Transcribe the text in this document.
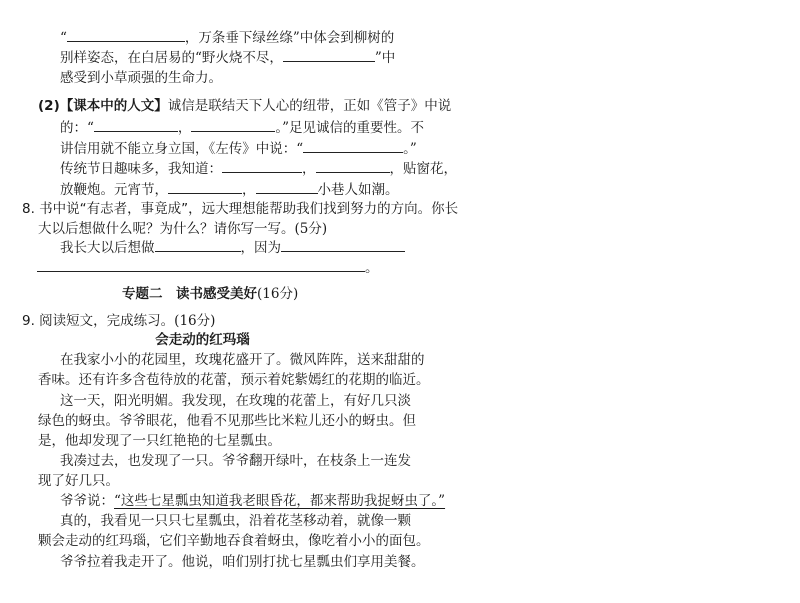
“	，万条垂下绿丝绦”中体会到柳树的
别样姿态，在白居易的“野火烧不尽，	”中
感受到小草顽强的生命力。
(2)【课本中的人文】诚信是联结天下人心的纽带，正如《管子》中说
的：“	，	。”足见诚信的重要性。不
讲信用就不能立身立国，《左传》中说：“	。”
传统节日趣味多，我知道：	，	，贴窗花，
放鞭炮。元宵节，	，	小巷人如潮。
8. 书中说“有志者，事竟成”，远大理想能帮助我们找到努力的方向。你长
大以后想做什么呢？为什么？请你写一写。(5分)
我长大以后想做	，因为
。
专题二　读书感受美好(16分)
9. 阅读短文，完成练习。(16分)
会走动的红玛瑙
在我家小小的花园里，玫瑰花盛开了。微风阵阵，送来甜甜的
香味。还有许多含苞待放的花蕾，预示着姹紫嫣红的花期的临近。
这一天，阳光明媚。我发现，在玫瑰的花蕾上，有好几只淡
绿色的蚜虫。爷爷眼花，他看不见那些比米粒儿还小的蚜虫。但
是，他却发现了一只红艳艳的七星瓢虫。
我凑过去，也发现了一只。爷爷翻开绿叶，在枝条上一连发
现了好几只。
爷爷说：“这些七星瓢虫知道我老眼昏花，都来帮助我捉蚜虫了。”
真的，我看见一只只七星瓢虫，沿着花茎移动着，就像一颗
颗会走动的红玛瑙，它们辛勤地吞食着蚜虫，像吃着小小的面包。
爷爷拉着我走开了。他说，咱们别打扰七星瓢虫们享用美餐。
